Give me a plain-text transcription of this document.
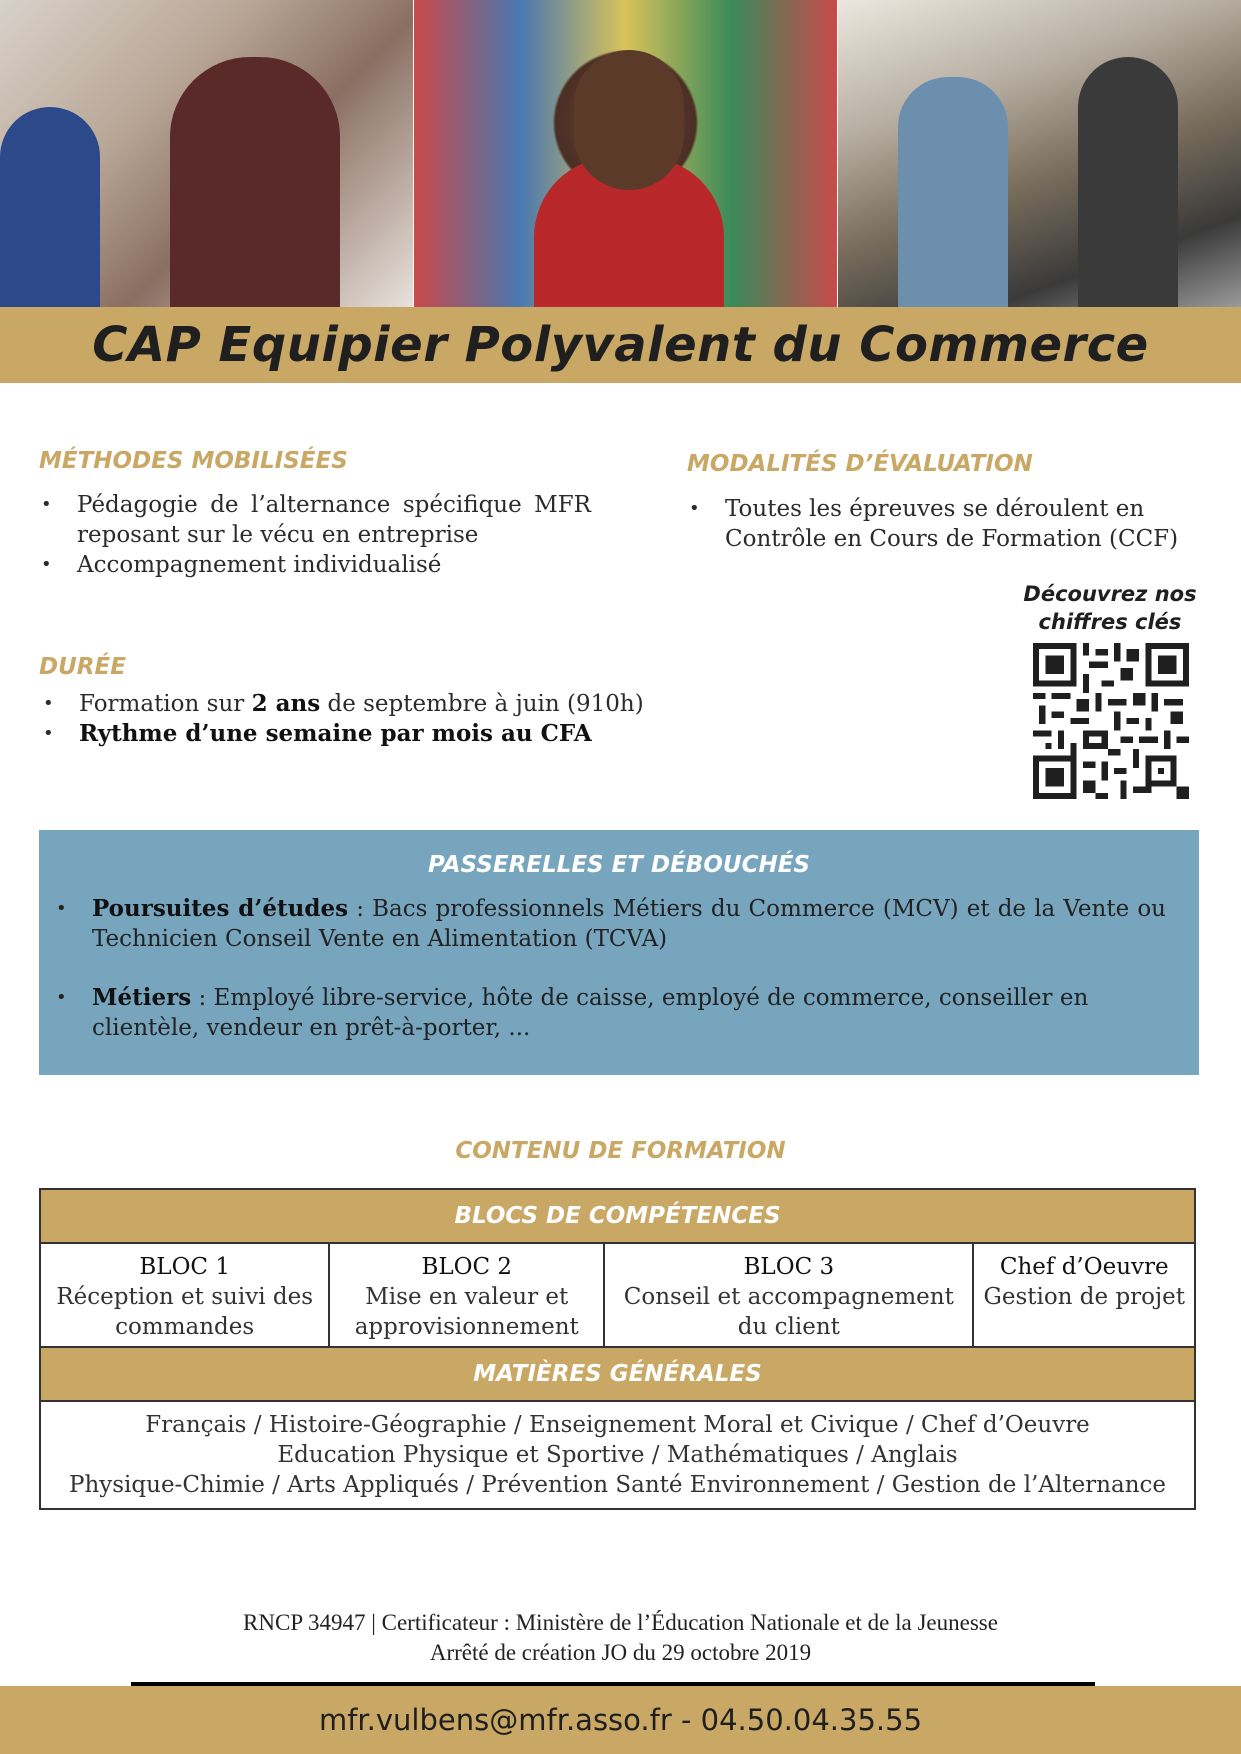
CAP Equipier Polyvalent du Commerce
MÉTHODES MOBILISÉES
• Pédagogie de l’alternance spécifique MFR reposant sur le vécu en entreprise
• Accompagnement individualisé
MODALITÉS D’ÉVALUATION
• Toutes les épreuves se déroulent en Contrôle en Cours de Formation (CCF)
DURÉE
• Formation sur 2 ans de septembre à juin (910h)
• Rythme d’une semaine par mois au CFA
Découvrez nos chiffres clés
PASSERELLES ET DÉBOUCHÉS
• Poursuites d’études : Bacs professionnels Métiers du Commerce (MCV) et de la Vente ou Technicien Conseil Vente en Alimentation (TCVA)
• Métiers : Employé libre-service, hôte de caisse, employé de commerce, conseiller en clientèle, vendeur en prêt-à-porter, ...
CONTENU DE FORMATION
BLOCS DE COMPÉTENCES

BLOC 1
Réception et suivi des commandes

BLOC 2
Mise en valeur et approvisionnement

BLOC 3
Conseil et accompagnement du client

Chef d’Oeuvre
Gestion de projet

MATIÈRES GÉNÉRALES

Français / Histoire-Géographie / Enseignement Moral et Civique / Chef d’Oeuvre
Education Physique et Sportive / Mathématiques / Anglais
Physique-Chimie / Arts Appliqués / Prévention Santé Environnement / Gestion de l’Alternance
RNCP 34947 | Certificateur : Ministère de l’Éducation Nationale et de la Jeunesse
Arrêté de création JO du 29 octobre 2019
mfr.vulbens@mfr.asso.fr - 04.50.04.35.55
